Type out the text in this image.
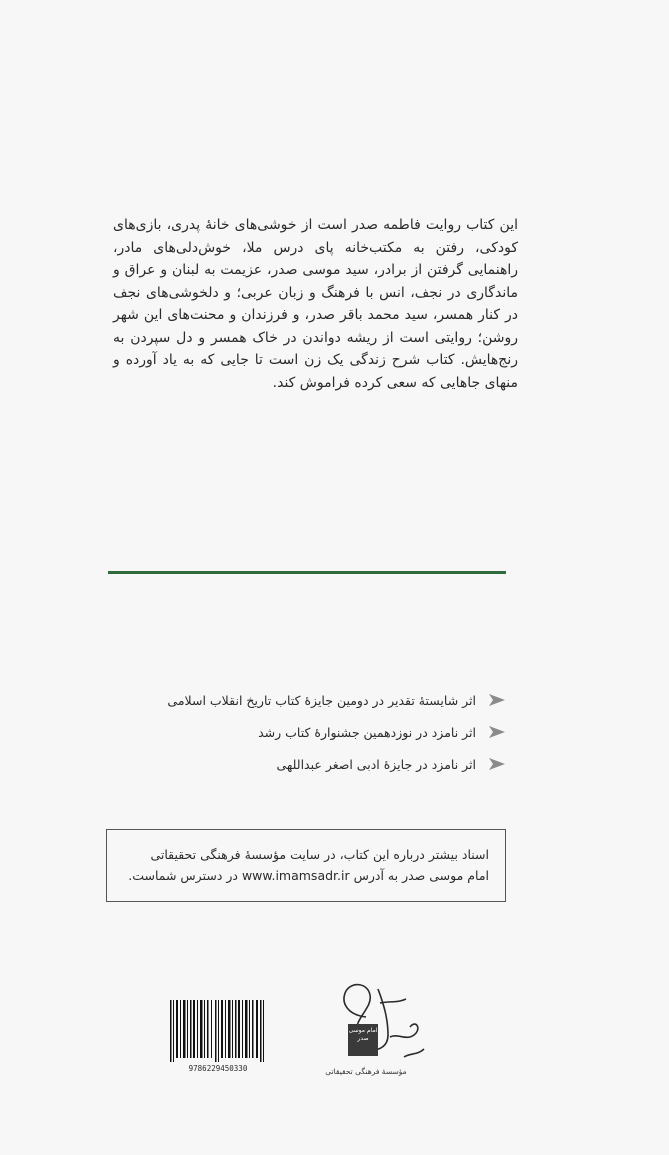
این کتاب روایت فاطمه صدر است از خوشی‌های خانهٔ پدری، بازی‌های کودکی، رفتن به مکتب‌خانه پای درس ملا، خوش‌دلی‌های مادر، راهنمایی گرفتن از برادر، سید موسی صدر، عزیمت به لبنان و عراق و ماندگاری در نجف، انس با فرهنگ و زبان عربی؛ و دلخوشی‌های نجف در کنار همسر، سید محمد باقر صدر، و فرزندان و محنت‌های این شهر روشن؛ روایتی است از ریشه دواندن در خاک همسر و دل سپردن به رنج‌هایش. کتاب شرح زندگی یک زن است تا جایی که به یاد آورده و منهای جاهایی که سعی کرده فراموش کند.
اثر شایستهٔ تقدیر در دومین جایزهٔ کتاب تاریخ انقلاب اسلامی
اثر نامزد در نوزدهمین جشنوارهٔ کتاب رشد
اثر نامزد در جایزهٔ ادبی اصغر عبداللهی
اسناد بیشتر درباره این کتاب، در سایت مؤسسهٔ فرهنگی تحقیقاتی
امام موسی صدر به آدرس www.imamsadr.ir در دسترس شماست.
امام موسی صدر
مؤسسهٔ فرهنگی تحقیقاتی
9786229450330
